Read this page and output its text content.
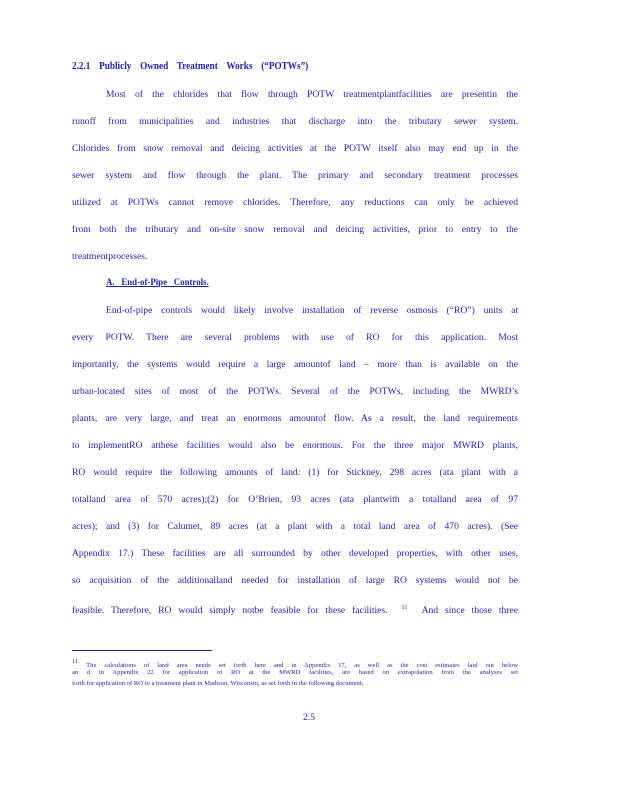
2.2.1 Publicly Owned Treatment Works (“POTWs”)
Most of the chlorides that flow through POTW treatmentplantfacilities are presentin the
runoff from municipalities and industries that discharge into the tributary sewer system.
Chlorides from snow removal and deicing activities at the POTW itself also may end up in the
sewer system and flow through the plant. The primary and secondary treatment processes
utilized at POTWs cannot remove chlorides. Therefore, any reductions can only be achieved
from both the tributary and on-site snow removal and deicing activities, prior to entry to the
treatmentprocesses.
A. End-of-Pipe Controls.
End-of-pipe controls would likely involve installation of reverse osmosis (“RO”) units at
every POTW. There are several problems with use of RO for this application. Most
importantly, the systems would require a large amountof land – more than is available on the
urban-located sites of most of the POTWs. Several of the POTWs, including the MWRD’s
plants, are very large, and treat an enormous amountof flow. As a result, the land requirements
to implementRO atthese facilities would also be enormous. For the three major MWRD plants,
RO would require the following amounts of land: (1) for Stickney, 298 acres (ata plant with a
totalland area of 570 acres);(2) for O’Brien, 93 acres (ata plantwith a totalland area of 97
acres); and (3) for Calumet, 89 acres (at a plant with a total land area of 470 acres). (See
Appendix 17.) These facilities are all surrounded by other developed properties, with other uses,
so acquisition of the additionalland needed for installation of large RO systems would not be
feasible. Therefore, RO would simply notbe feasible for these facilities. $^{11}$ And since those three
11 The calculations of land area needs set forth here and in Appendix 17, as well as the cost estimates laid out below
an d in Appendix 22 for application of RO at the MWRD facilities, are based on extrapolation from the analyses set
forth for application of RO to a treatment plant in Madison, Wisconsin, as set forth in the following document:
2.5
